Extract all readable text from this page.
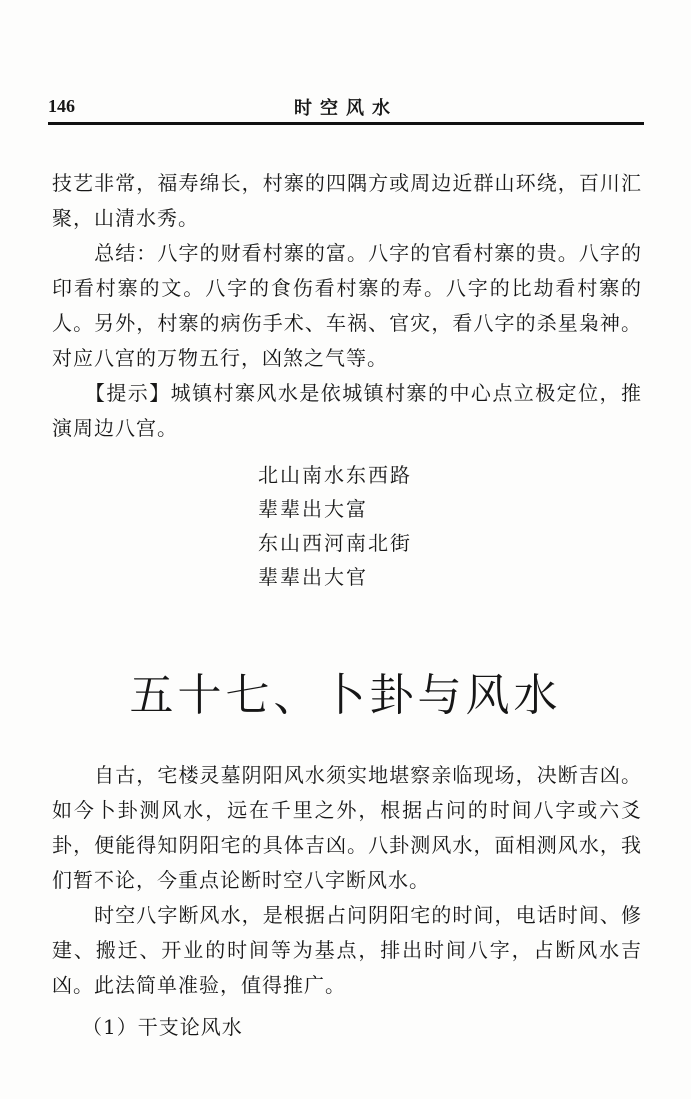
146	时空风水

技艺非常，福寿绵长，村寨的四隅方或周边近群山环绕，百川汇聚，山清水秀。

　　总结：八字的财看村寨的富。八字的官看村寨的贵。八字的印看村寨的文。八字的食伤看村寨的寿。八字的比劫看村寨的人。另外，村寨的病伤手术、车祸、官灾，看八字的杀星枭神。对应八宫的万物五行，凶煞之气等。

　　【提示】城镇村寨风水是依城镇村寨的中心点立极定位，推演周边八宫。

北山南水东西路
辈辈出大富
东山西河南北街
辈辈出大官
五十七、卜卦与风水

　　自古，宅楼灵墓阴阳风水须实地堪察亲临现场，决断吉凶。如今卜卦测风水，远在千里之外，根据占问的时间八字或六爻卦，便能得知阴阳宅的具体吉凶。八卦测风水，面相测风水，我们暂不论，今重点论断时空八字断风水。

　　时空八字断风水，是根据占问阴阳宅的时间，电话时间、修建、搬迁、开业的时间等为基点，排出时间八字，占断风水吉凶。此法简单准验，值得推广。

（1）干支论风水
